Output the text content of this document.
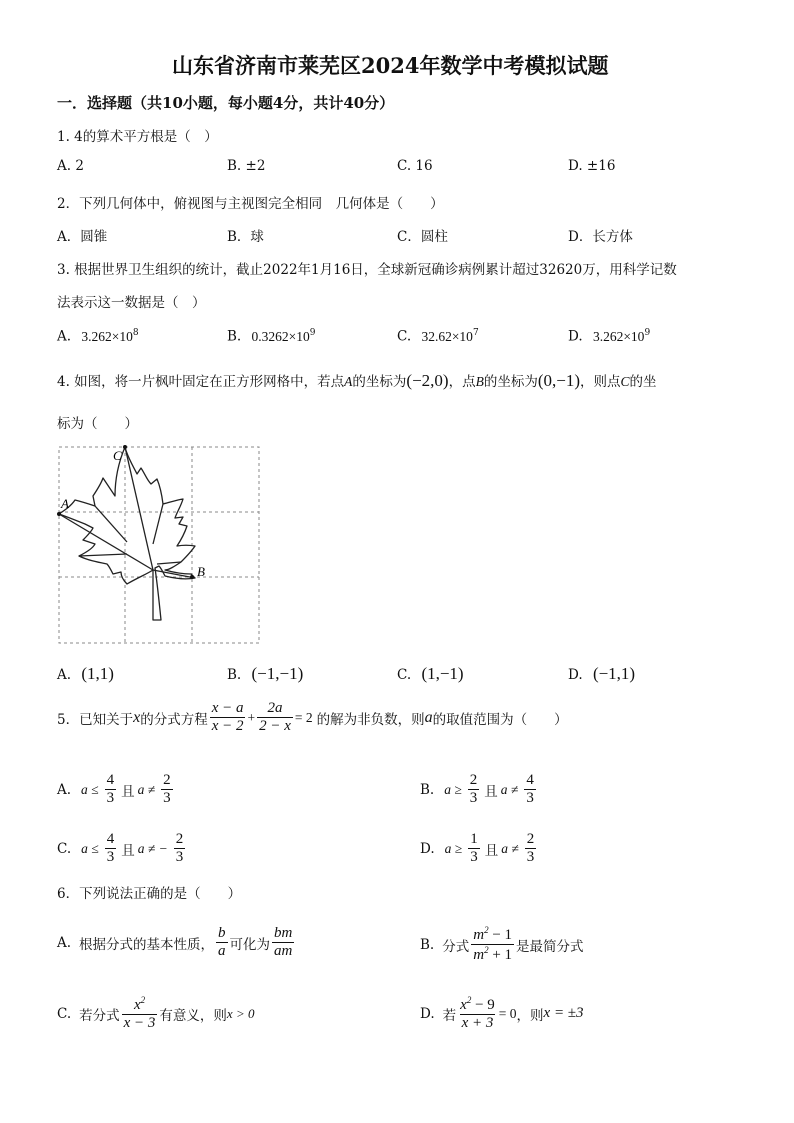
山东省济南市莱芜区2024年数学中考模拟试题
一．选择题（共10小题，每小题4分，共计40分）
1. 4的算术平方根是（　）
A. 2	B. ±2	C. 16	D. ±16
2．下列几何体中，俯视图与主视图完全相同　几何体是（　　）
A．圆锥	B．球	C．圆柱	D．长方体
3. 根据世界卫生组织的统计，截止2022年1月16日，全球新冠确诊病例累计超过32620万，用科学记数
法表示这一数据是（　）
A. $3.262\times 10^8$	B. $0.3262\times 10^9$	C. $32.62\times 10^7$	D. $3.262\times 10^9$
4. 如图，将一片枫叶固定在正方形网格中，若点A的坐标为(−2,0)，点B的坐标为(0,−1)，则点C的坐
标为（　　）
C
A
B
A. (1,1)	B. (−1,−1)	C. (1,−1)	D. (−1,1)
5．已知关于 x 的分式方程 $\frac{x - a}{x - 2} + \frac{2a}{2 - x} = 2$ 的解为非负数，则 a 的取值范围为（　　）
A. $a \le \frac{4}{3}$ 且 $a \ne \frac{2}{3}$	B. $a \ge \frac{2}{3}$ 且 $a \ne \frac{4}{3}$
C. $a \le \frac{4}{3}$ 且 a ≠ − $\frac{2}{3}$	D. $a \ge \frac{1}{3}$ 且 $a \ne \frac{2}{3}$
6．下列说法正确的是（　　）
A. 根据分式的基本性质， $\frac{b}{a}$ 可化为 $\frac{bm}{am}$	B. 分式 $\frac{m^2 - 1}{m^2 + 1}$ 是最简分式
C. 若分式 $\frac{x^2}{x - 3}$ 有意义，则 x > 0	D. 若 $\frac{x^2 - 9}{x + 3} = 0$ ，则 x = ±3
